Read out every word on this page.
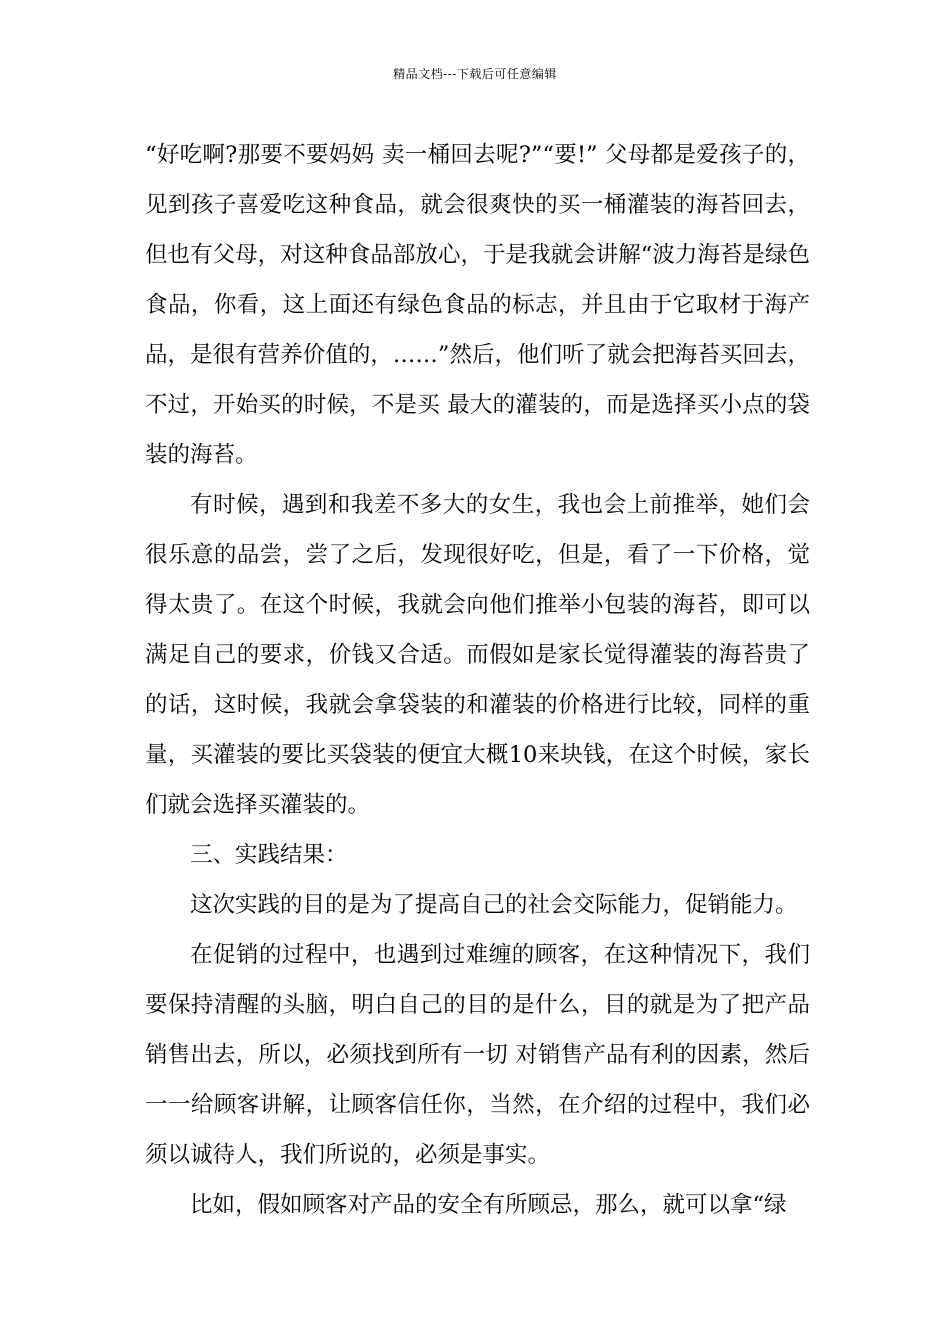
精品文档---下载后可任意编辑

“好吃啊?那要不要妈妈 卖一桶回去呢?”“要!” 父母都是爱孩子的，见到孩子喜爱吃这种食品，就会很爽快的买一桶灌装的海苔回去，但也有父母，对这种食品部放心，于是我就会讲解“波力海苔是绿色食品，你看，这上面还有绿色食品的标志，并且由于它取材于海产品，是很有营养价值的，……”然后，他们听了就会把海苔买回去，不过，开始买的时候，不是买 最大的灌装的，而是选择买小点的袋装的海苔。

有时候，遇到和我差不多大的女生，我也会上前推举，她们会很乐意的品尝，尝了之后，发现很好吃，但是，看了一下价格，觉得太贵了。在这个时候，我就会向他们推举小包装的海苔，即可以满足自己的要求，价钱又合适。而假如是家长觉得灌装的海苔贵了的话，这时候，我就会拿袋装的和灌装的价格进行比较，同样的重量，买灌装的要比买袋装的便宜大概10来块钱，在这个时候，家长们就会选择买灌装的。

三、实践结果：

这次实践的目的是为了提高自己的社会交际能力，促销能力。

在促销的过程中，也遇到过难缠的顾客，在这种情况下，我们要保持清醒的头脑，明白自己的目的是什么，目的就是为了把产品销售出去，所以，必须找到所有一切 对销售产品有利的因素，然后一一给顾客讲解，让顾客信任你，当然，在介绍的过程中，我们必须以诚待人，我们所说的，必须是事实。

比如，假如顾客对产品的安全有所顾忌，那么，就可以拿“绿
